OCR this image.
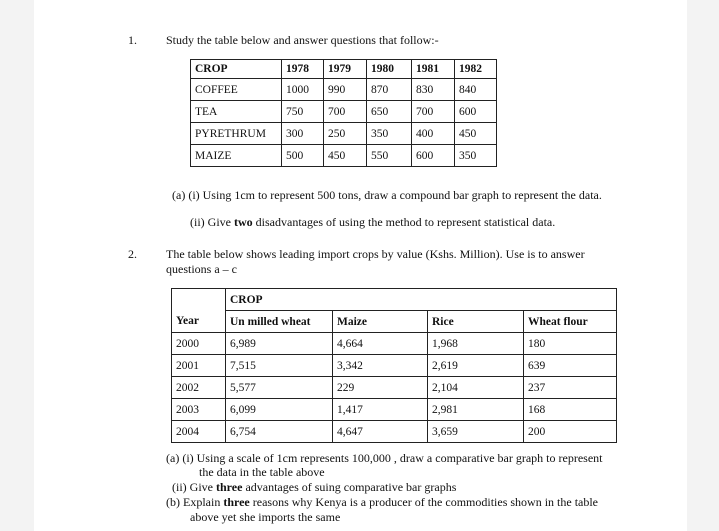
1. Study the table below and answer questions that follow:-
CROP	1978	1979	1980	1981	1982
COFFEE	1000	990	870	830	840
TEA	750	700	650	700	600
PYRETHRUM	300	250	350	400	450
MAIZE	500	450	550	600	350
(a) (i) Using 1cm to represent 500 tons, draw a compound bar graph to represent the data.
(ii) Give two disadvantages of using the method to represent statistical data.
2. The table below shows leading import crops by value (Kshs. Million). Use is to answer
questions a – c
	CROP			
Year	Un milled wheat	Maize	Rice	Wheat flour
2000	6,989	4,664	1,968	180
2001	7,515	3,342	2,619	639
2002	5,577	229	2,104	237
2003	6,099	1,417	2,981	168
2004	6,754	4,647	3,659	200
(a) (i) Using a scale of 1cm represents 100,000 , draw a comparative bar graph to represent
the data in the table above
(ii) Give three advantages of suing comparative bar graphs
(b) Explain three reasons why Kenya is a producer of the commodities shown in the table
above yet she imports the same
